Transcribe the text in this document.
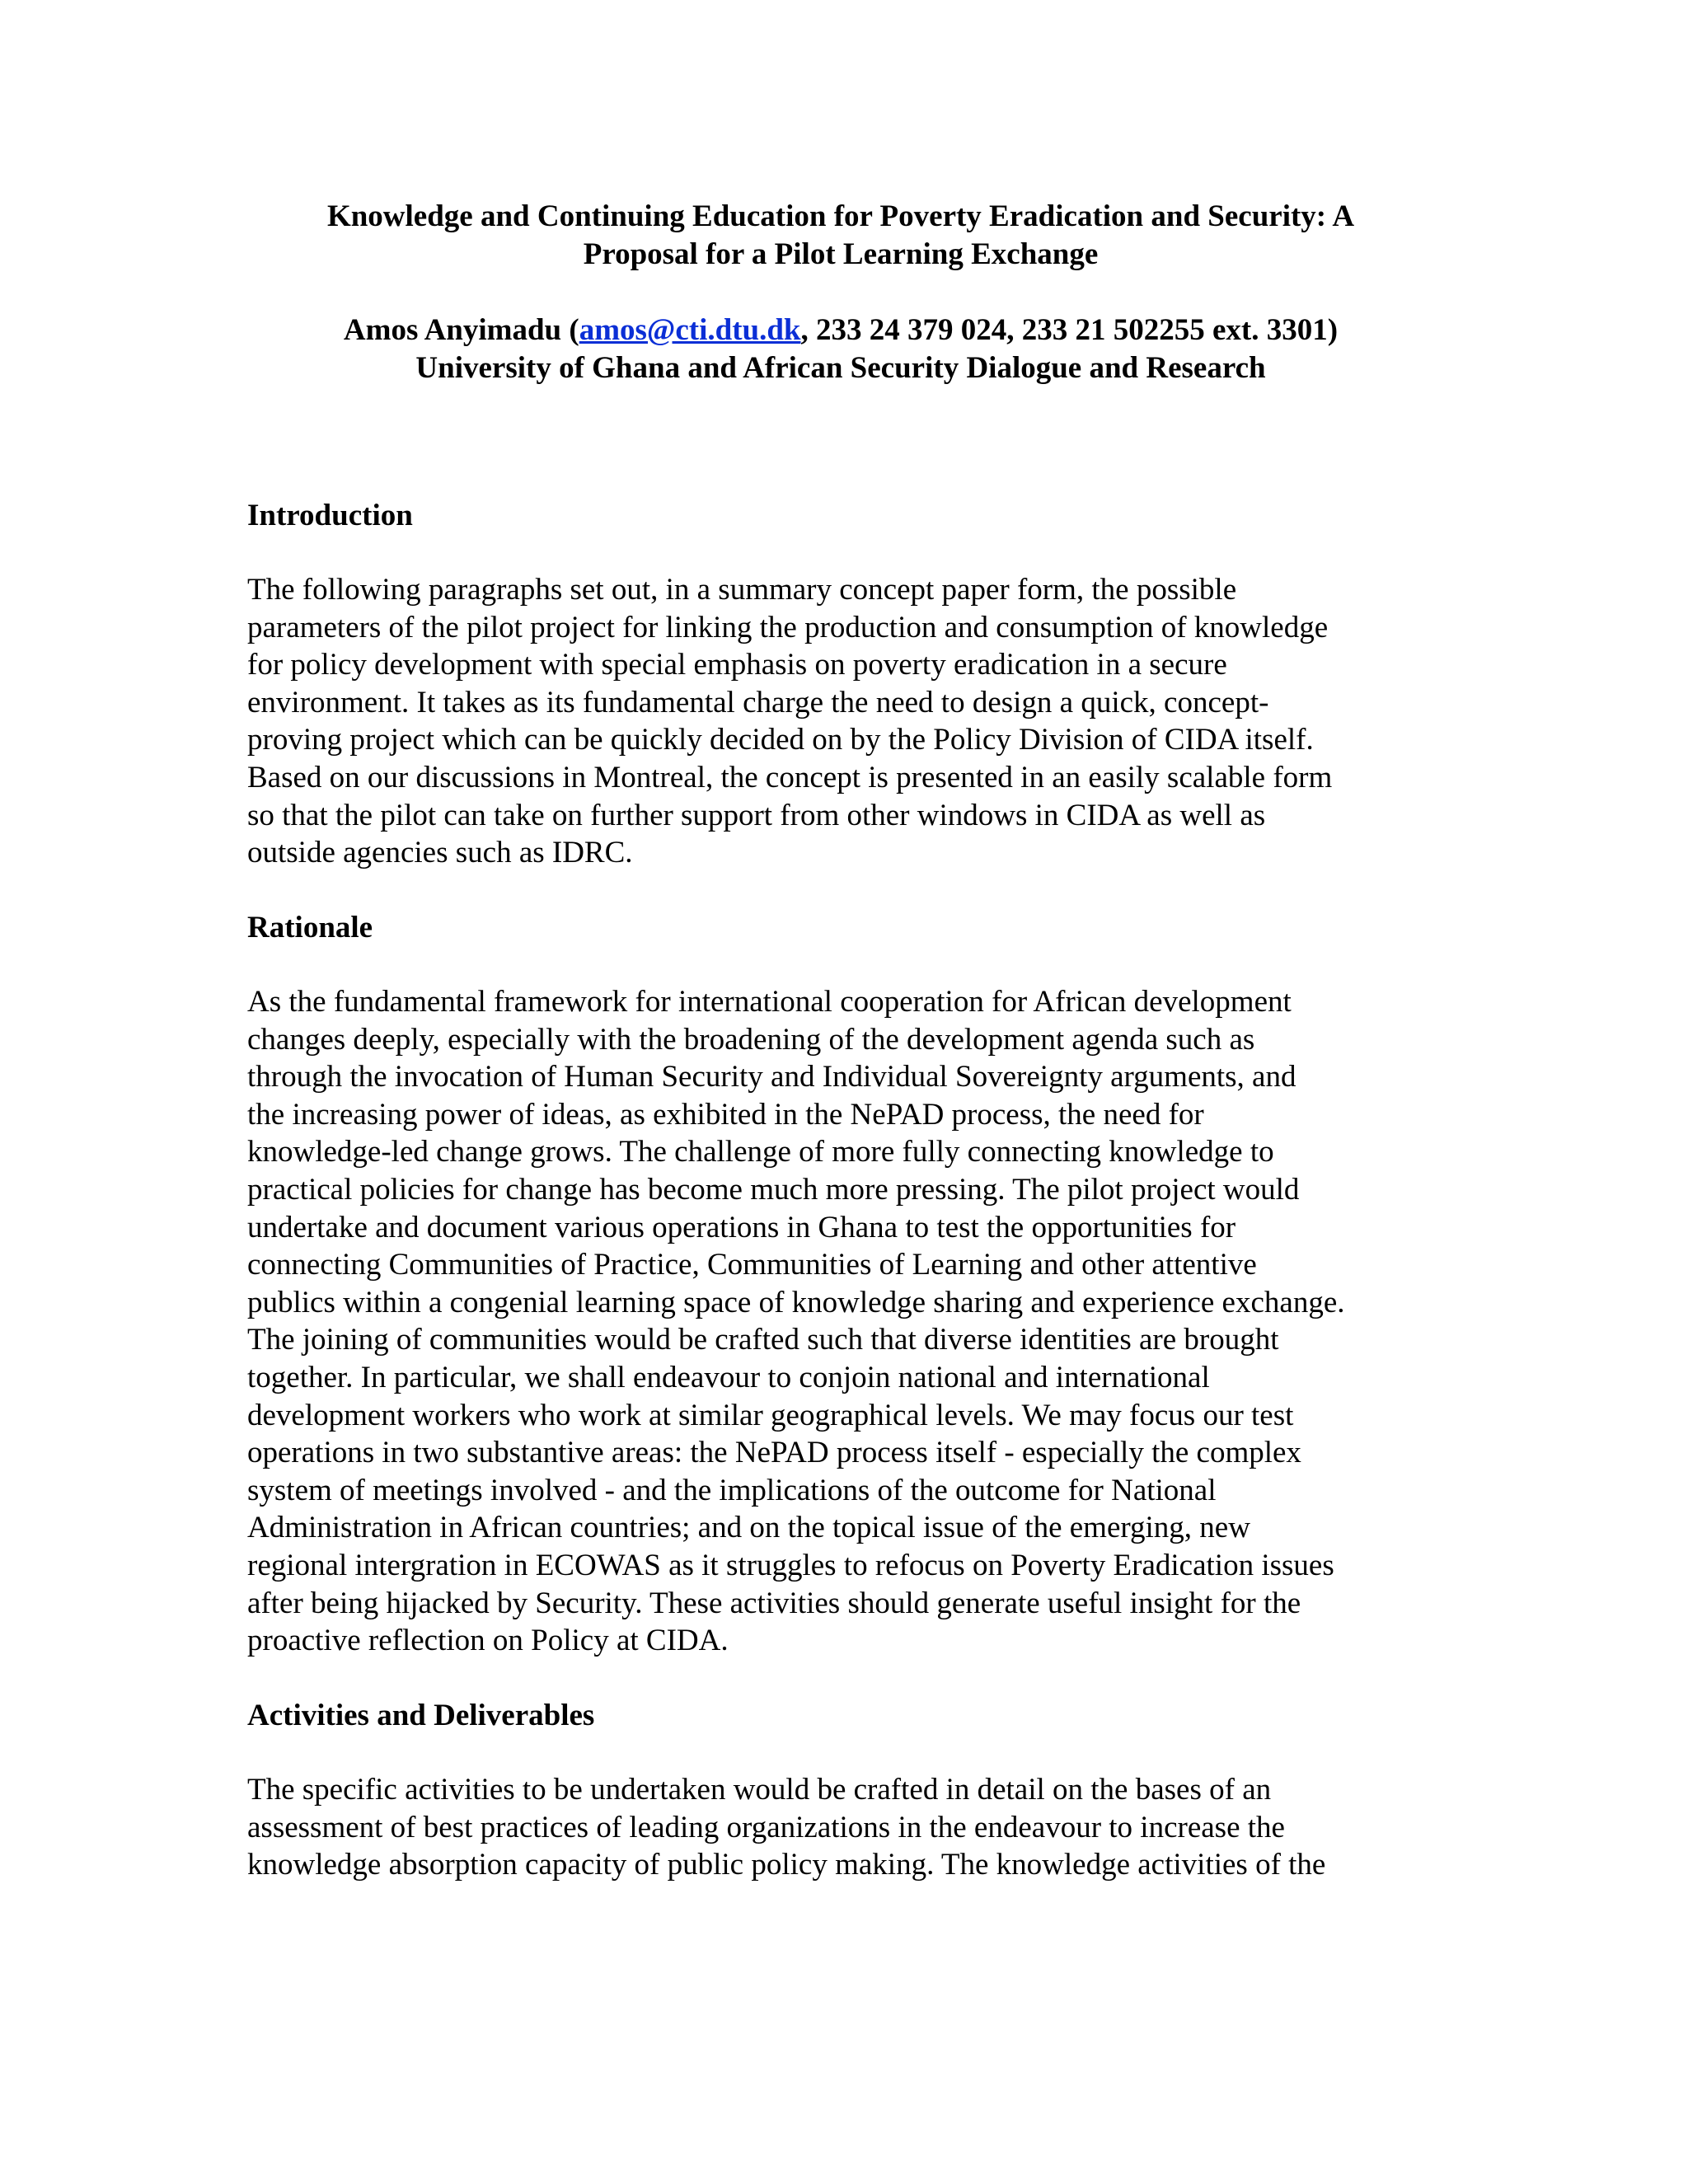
Knowledge and Continuing Education for Poverty Eradication and Security: A
Proposal for a Pilot Learning Exchange
Amos Anyimadu (amos@cti.dtu.dk, 233 24 379 024, 233 21 502255 ext. 3301)
University of Ghana and African Security Dialogue and Research
Introduction
The following paragraphs set out, in a summary concept paper form, the possible
parameters of the pilot project for linking the production and consumption of knowledge
for policy development with special emphasis on poverty eradication in a secure
environment. It takes as its fundamental charge the need to design a quick, concept-
proving project which can be quickly decided on by the Policy Division of CIDA itself.
Based on our discussions in Montreal, the concept is presented in an easily scalable form
so that the pilot can take on further support from other windows in CIDA as well as
outside agencies such as IDRC.
Rationale
As the fundamental framework for international cooperation for African development
changes deeply, especially with the broadening of the development agenda such as
through the invocation of Human Security and Individual Sovereignty arguments, and
the increasing power of ideas, as exhibited in the NePAD process, the need for
knowledge-led change grows. The challenge of more fully connecting knowledge to
practical policies for change has become much more pressing. The pilot project would
undertake and document various operations in Ghana to test the opportunities for
connecting Communities of Practice, Communities of Learning and other attentive
publics within a congenial learning space of knowledge sharing and experience exchange.
The joining of communities would be crafted such that diverse identities are brought
together. In particular, we shall endeavour to conjoin national and international
development workers who work at similar geographical levels. We may focus our test
operations in two substantive areas: the NePAD process itself - especially the complex
system of meetings involved - and the implications of the outcome for National
Administration in African countries; and on the topical issue of the emerging, new
regional intergration in ECOWAS as it struggles to refocus on Poverty Eradication issues
after being hijacked by Security. These activities should generate useful insight for the
proactive reflection on Policy at CIDA.
Activities and Deliverables
The specific activities to be undertaken would be crafted in detail on the bases of an
assessment of best practices of leading organizations in the endeavour to increase the
knowledge absorption capacity of public policy making. The knowledge activities of the
